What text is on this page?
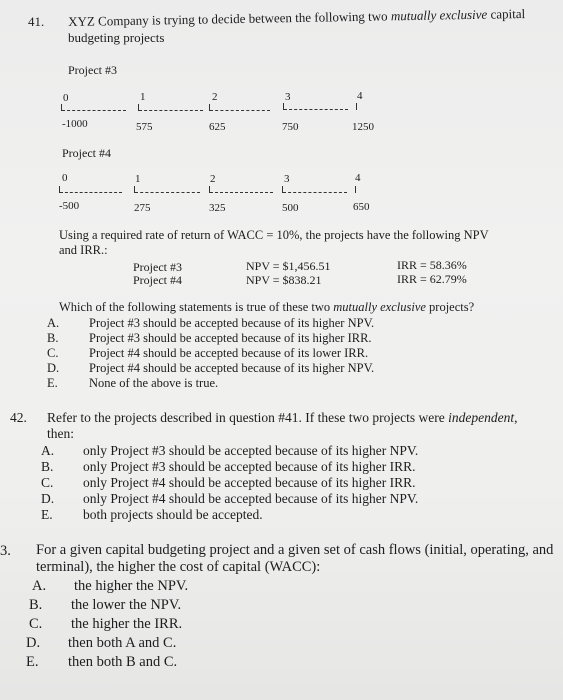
41. XYZ Company is trying to decide between the following two mutually exclusive capital
budgeting projects
Project #3
0	1	2	3	4
-1000	575	625	750	1250
Project #4
0	1	2	3	4
-500	275	325	500	650
Using a required rate of return of WACC = 10%, the projects have the following NPV
and IRR.:
Project #3	NPV = $1,456.51	IRR = 58.36%
Project #4	NPV = $838.21	IRR = 62.79%
Which of the following statements is true of these two mutually exclusive projects?
A. Project #3 should be accepted because of its higher NPV.
B. Project #3 should be accepted because of its higher IRR.
C. Project #4 should be accepted because of its lower IRR.
D. Project #4 should be accepted because of its higher NPV.
E. None of the above is true.
42. Refer to the projects described in question #41. If these two projects were independent,
then:
A. only Project #3 should be accepted because of its higher NPV.
B. only Project #3 should be accepted because of its higher IRR.
C. only Project #4 should be accepted because of its higher IRR.
D. only Project #4 should be accepted because of its higher NPV.
E. both projects should be accepted.
3. For a given capital budgeting project and a given set of cash flows (initial, operating, and
terminal), the higher the cost of capital (WACC):
A. the higher the NPV.
B. the lower the NPV.
C. the higher the IRR.
D. then both A and C.
E. then both B and C.
